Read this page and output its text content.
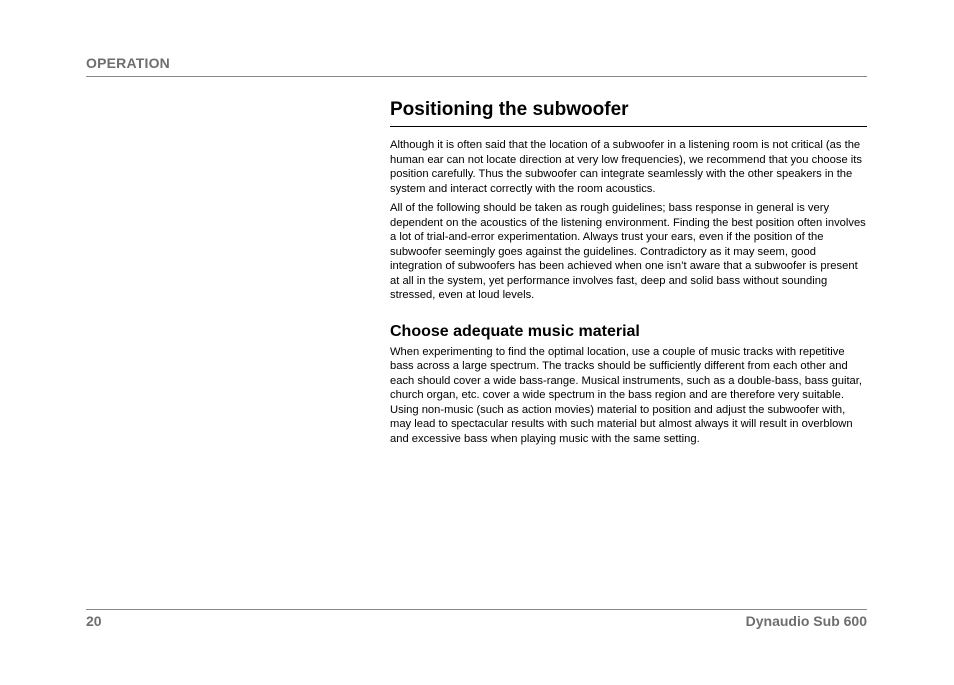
OPERATION
Positioning the subwoofer

Although it is often said that the location of a subwoofer in a listening room is not critical (as the human ear can not locate direction at very low frequencies), we recommend that you choose its position carefully. Thus the subwoofer can integrate seamlessly with the other speakers in the system and interact correctly with the room acoustics.

All of the following should be taken as rough guidelines; bass response in general is very dependent on the acoustics of the listening environment. Finding the best position often involves a lot of trial-and-error experimentation. Always trust your ears, even if the position of the subwoofer seemingly goes against the guidelines. Contradictory as it may seem, good integration of subwoofers has been achieved when one isn’t aware that a subwoofer is present at all in the system, yet performance involves fast, deep and solid bass without sounding stressed, even at loud levels.

Choose adequate music material

When experimenting to find the optimal location, use a couple of music tracks with repetitive bass across a large spectrum. The tracks should be sufficiently different from each other and each should cover a wide bass-range. Musical instruments, such as a double-bass, bass guitar, church organ, etc. cover a wide spectrum in the bass region and are therefore very suitable. Using non-music (such as action movies) material to position and adjust the subwoofer with, may lead to spectacular results with such material but almost always it will result in overblown and excessive bass when playing music with the same setting.

20	Dynaudio Sub 600
